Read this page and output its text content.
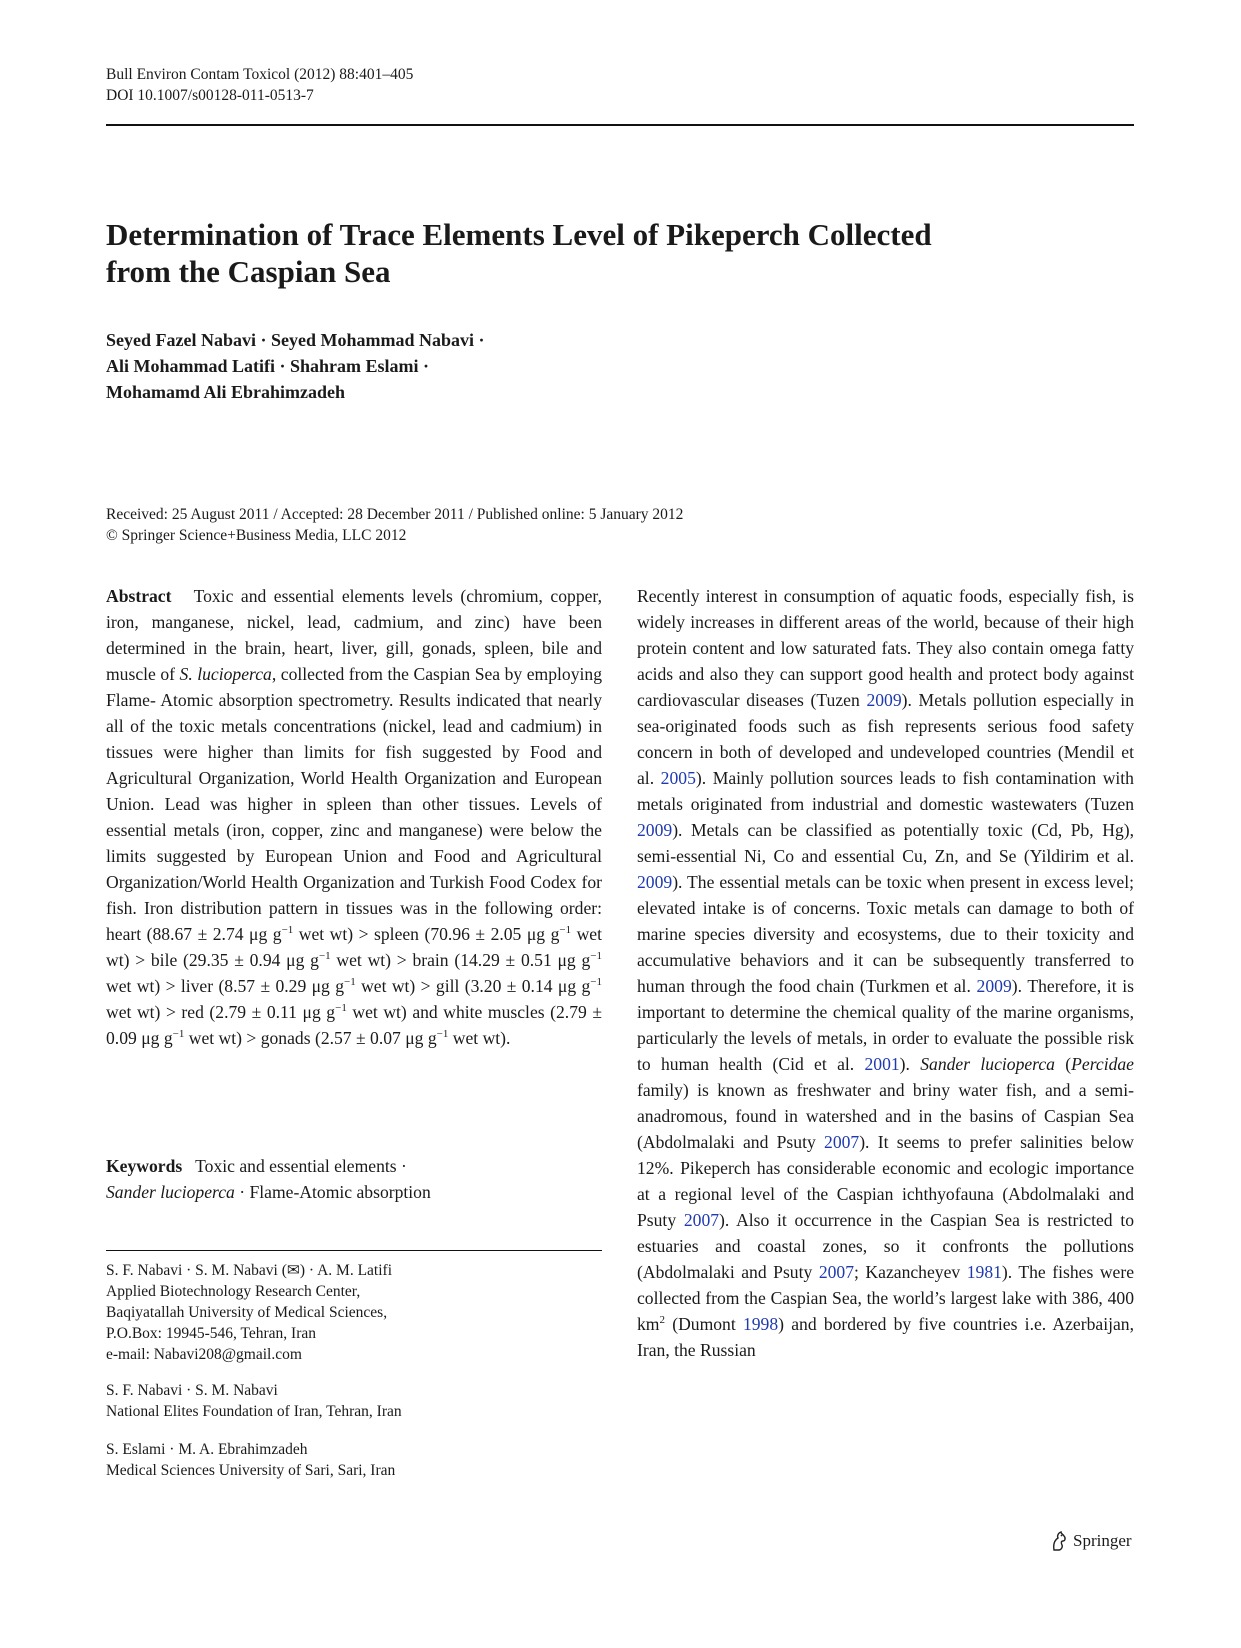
Bull Environ Contam Toxicol (2012) 88:401–405
DOI 10.1007/s00128-011-0513-7
Determination of Trace Elements Level of Pikeperch Collected
from the Caspian Sea
Seyed Fazel Nabavi · Seyed Mohammad Nabavi ·
Ali Mohammad Latifi · Shahram Eslami ·
Mohamamd Ali Ebrahimzadeh
Received: 25 August 2011 / Accepted: 28 December 2011 / Published online: 5 January 2012
© Springer Science+Business Media, LLC 2012

Abstract Toxic and essential elements levels (chromium, copper, iron, manganese, nickel, lead, cadmium, and zinc) have been determined in the brain, heart, liver, gill, gonads, spleen, bile and muscle of S. lucioperca, collected from the Caspian Sea by employing Flame- Atomic absorption spectrometry. Results indicated that nearly all of the toxic metals concentrations (nickel, lead and cadmium) in tissues were higher than limits for fish suggested by Food and Agricultural Organization, World Health Organization and European Union. Lead was higher in spleen than other tissues. Levels of essential metals (iron, copper, zinc and manganese) were below the limits suggested by European Union and Food and Agricultural Organization/World Health Organization and Turkish Food Codex for fish. Iron distribution pattern in tissues was in the following order: heart (88.67 ± 2.74 μg $g^{-1}$ wet wt) > spleen (70.96 ± 2.05 μg $g^{-1}$ wet wt) > bile (29.35 ± 0.94 μg $g^{-1}$ wet wt) > brain (14.29 ± 0.51 μg $g^{-1}$ wet wt) > liver (8.57 ± 0.29 μg $g^{-1}$ wet wt) > gill (3.20 ± 0.14 μg $g^{-1}$ wet wt) > red (2.79 ± 0.11 μg $g^{-1}$ wet wt) and white muscles (2.79 ± 0.09 μg $g^{-1}$ wet wt) > gonads (2.57 ± 0.07 μg $g^{-1}$ wet wt).

Keywords Toxic and essential elements ·
Sander lucioperca · Flame-Atomic absorption
S. F. Nabavi · S. M. Nabavi (✉) · A. M. Latifi
Applied Biotechnology Research Center,
Baqiyatallah University of Medical Sciences,
P.O.Box: 19945-546, Tehran, Iran
e-mail: Nabavi208@gmail.com
S. F. Nabavi · S. M. Nabavi
National Elites Foundation of Iran, Tehran, Iran
S. Eslami · M. A. Ebrahimzadeh
Medical Sciences University of Sari, Sari, Iran

Recently interest in consumption of aquatic foods, especially fish, is widely increases in different areas of the world, because of their high protein content and low saturated fats. They also contain omega fatty acids and also they can support good health and protect body against cardiovascular diseases (Tuzen 2009). Metals pollution especially in sea-originated foods such as fish represents serious food safety concern in both of developed and undeveloped countries (Mendil et al. 2005). Mainly pollution sources leads to fish contamination with metals originated from industrial and domestic wastewaters (Tuzen 2009). Metals can be classified as potentially toxic (Cd, Pb, Hg), semi-essential Ni, Co and essential Cu, Zn, and Se (Yildirim et al. 2009). The essential metals can be toxic when present in excess level; elevated intake is of concerns. Toxic metals can damage to both of marine species diversity and ecosystems, due to their toxicity and accumulative behaviors and it can be subsequently transferred to human through the food chain (Turkmen et al. 2009). Therefore, it is important to determine the chemical quality of the marine organisms, particularly the levels of metals, in order to evaluate the possible risk to human health (Cid et al. 2001). Sander lucioperca (Percidae family) is known as freshwater and briny water fish, and a semi-anadromous, found in watershed and in the basins of Caspian Sea (Abdolmalaki and Psuty 2007). It seems to prefer salinities below 12%. Pikeperch has considerable economic and ecologic importance at a regional level of the Caspian ichthyofauna (Abdolmalaki and Psuty 2007). Also it occurrence in the Caspian Sea is restricted to estuaries and coastal zones, so it confronts the pollutions (Abdolmalaki and Psuty 2007; Kazancheyev 1981). The fishes were collected from the Caspian Sea, the world’s largest lake with 386, 400 $km^2$ (Dumont 1998) and bordered by five countries i.e. Azerbaijan, Iran, the Russian

Springer
